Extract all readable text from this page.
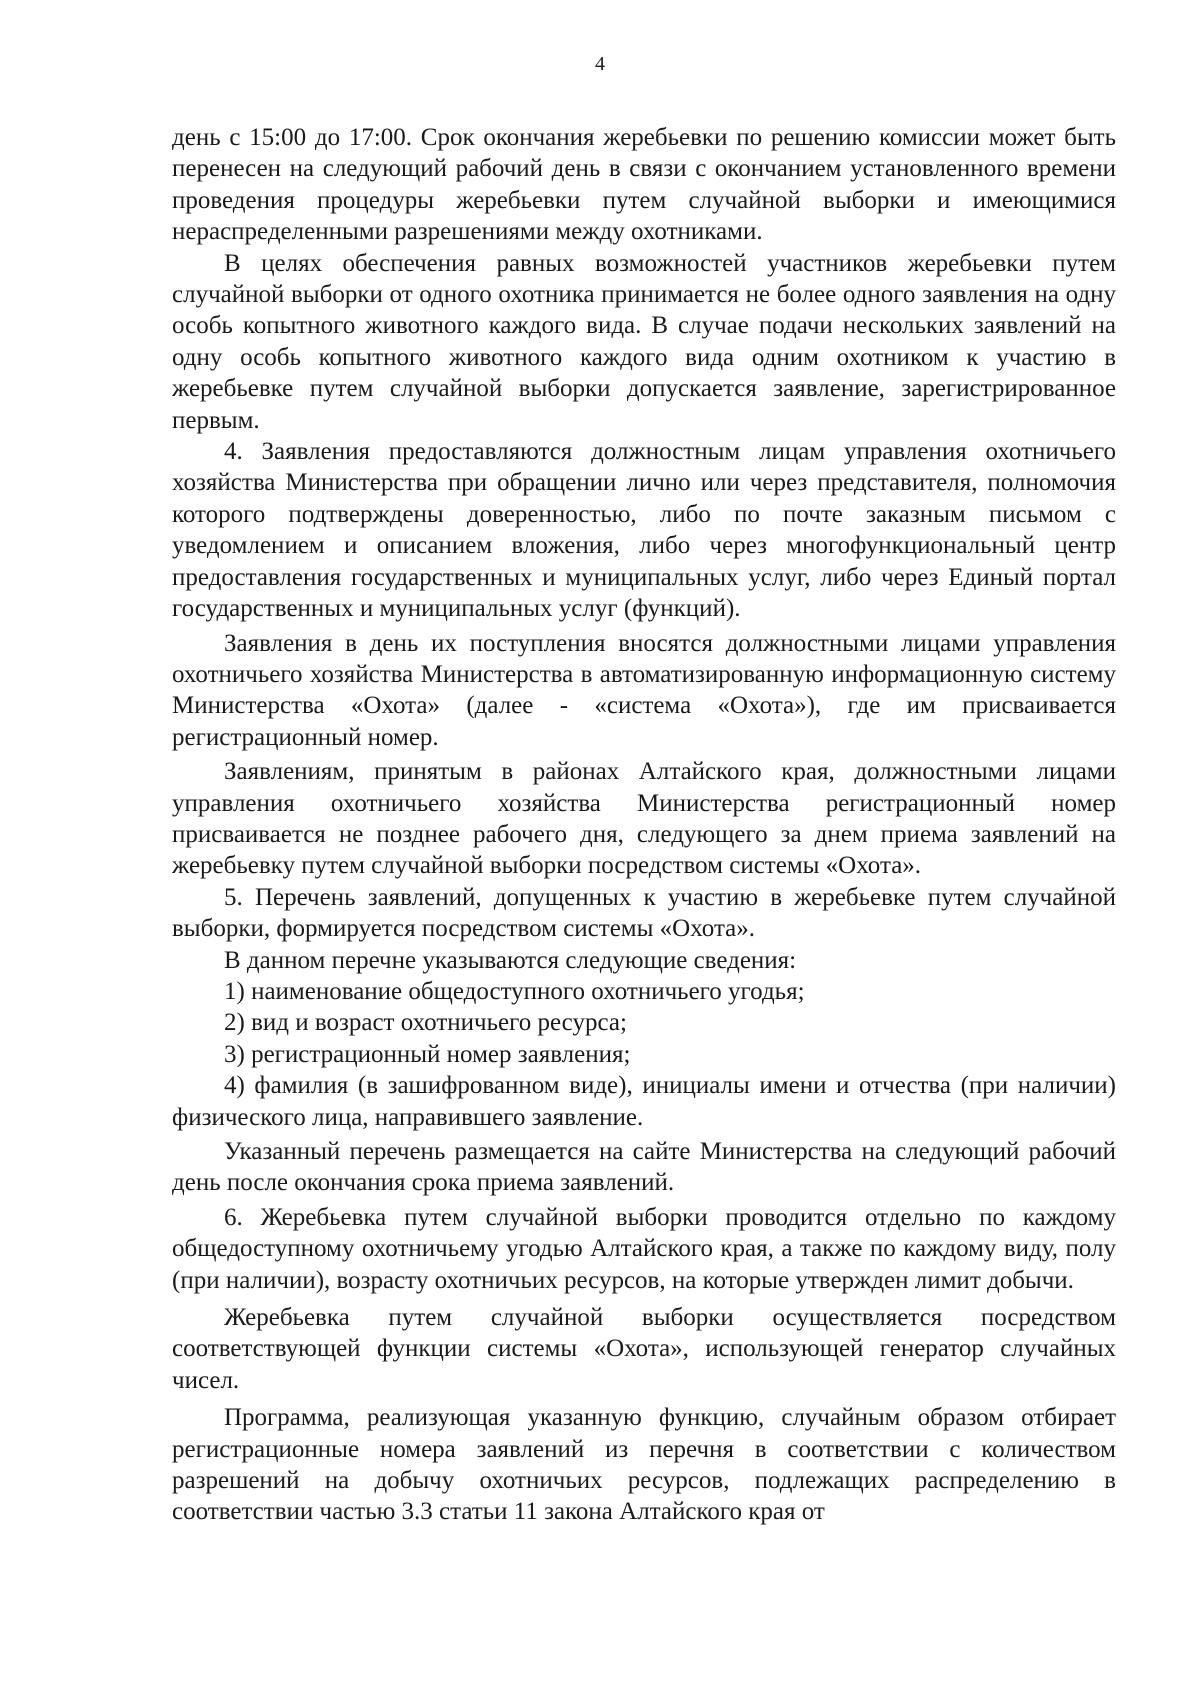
4

день с 15:00 до 17:00. Срок окончания жеребьевки по решению комиссии может быть перенесен на следующий рабочий день в связи с окончанием установленного времени проведения процедуры жеребьевки путем случайной выборки и имеющимися нераспределенными разрешениями между охотниками.

В целях обеспечения равных возможностей участников жеребьевки путем случайной выборки от одного охотника принимается не более одного заявления на одну особь копытного животного каждого вида. В случае подачи нескольких заявлений на одну особь копытного животного каждого вида одним охотником к участию в жеребьевке путем случайной выборки допускается заявление, зарегистрированное первым.

4. Заявления предоставляются должностным лицам управления охотничьего хозяйства Министерства при обращении лично или через представителя, полномочия которого подтверждены доверенностью, либо по почте заказным письмом с уведомлением и описанием вложения, либо через многофункциональный центр предоставления государственных и муниципальных услуг, либо через Единый портал государственных и муниципальных услуг (функций).

Заявления в день их поступления вносятся должностными лицами управления охотничьего хозяйства Министерства в автоматизированную информационную систему Министерства «Охота» (далее - «система «Охота»), где им присваивается регистрационный номер.

Заявлениям, принятым в районах Алтайского края, должностными лицами управления охотничьего хозяйства Министерства регистрационный номер присваивается не позднее рабочего дня, следующего за днем приема заявлений на жеребьевку путем случайной выборки посредством системы «Охота».

5. Перечень заявлений, допущенных к участию в жеребьевке путем случайной выборки, формируется посредством системы «Охота».

В данном перечне указываются следующие сведения:

1) наименование общедоступного охотничьего угодья;

2) вид и возраст охотничьего ресурса;

3) регистрационный номер заявления;

4) фамилия (в зашифрованном виде), инициалы имени и отчества (при наличии) физического лица, направившего заявление.

Указанный перечень размещается на сайте Министерства на следующий рабочий день после окончания срока приема заявлений.

6. Жеребьевка путем случайной выборки проводится отдельно по каждому общедоступному охотничьему угодью Алтайского края, а также по каждому виду, полу (при наличии), возрасту охотничьих ресурсов, на которые утвержден лимит добычи.

Жеребьевка путем случайной выборки осуществляется посредством соответствующей функции системы «Охота», использующей генератор случайных чисел.

Программа, реализующая указанную функцию, случайным образом отбирает регистрационные номера заявлений из перечня в соответствии с количеством разрешений на добычу охотничьих ресурсов, подлежащих распределению в соответствии частью 3.3 статьи 11 закона Алтайского края от
